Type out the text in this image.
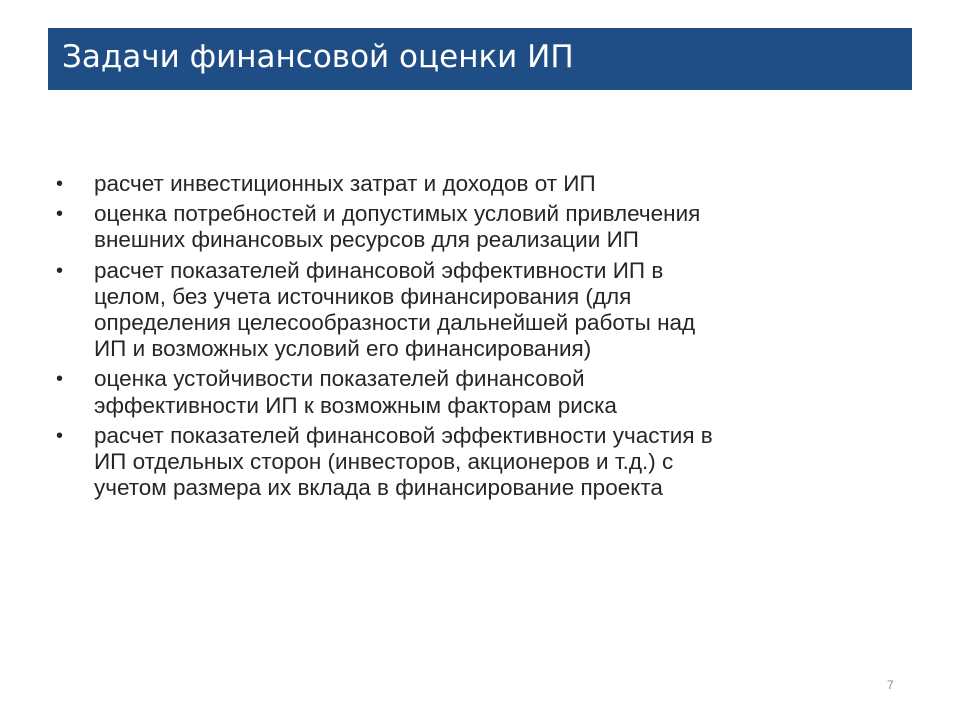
Задачи финансовой оценки ИП
• расчет инвестиционных затрат и доходов от ИП
• оценка потребностей и допустимых условий привлечения
внешних финансовых ресурсов для реализации ИП
• расчет показателей финансовой эффективности ИП в
целом, без учета источников финансирования (для
определения целесообразности дальнейшей работы над
ИП и возможных условий его финансирования)
• оценка устойчивости показателей финансовой
эффективности ИП к возможным факторам риска
• расчет показателей финансовой эффективности участия в
ИП отдельных сторон (инвесторов, акционеров и т.д.) с
учетом размера их вклада в финансирование проекта
7
